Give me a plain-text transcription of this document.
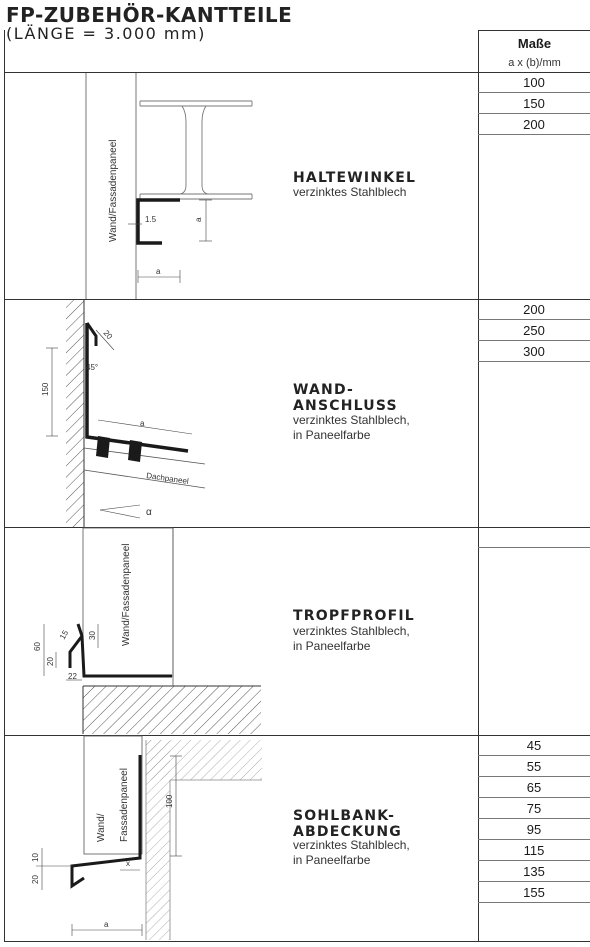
FP-ZUBEHÖR-KANTTEILE
(LÄNGE = 3.000 mm)
Maße
a x (b)/mm
100
150
200
200
250
300
45
55
65
75
95
115
135
155
HALTEWINKEL
verzinktes Stahlblech
WAND-
ANSCHLUSS
verzinktes Stahlblech,
in Paneelfarbe
TROPFPROFIL
verzinktes Stahlblech,
in Paneelfarbe
SOHLBANK-
ABDECKUNG
verzinktes Stahlblech,
in Paneelfarbe
a
1.5
a
Wand/Fassadenpaneel
150
20
45°
a
Dachpaneel
α
Wand/Fassadenpaneel
60
15 30
20
22
Wand/ Fassadenpaneel	100
20
10
x
a
